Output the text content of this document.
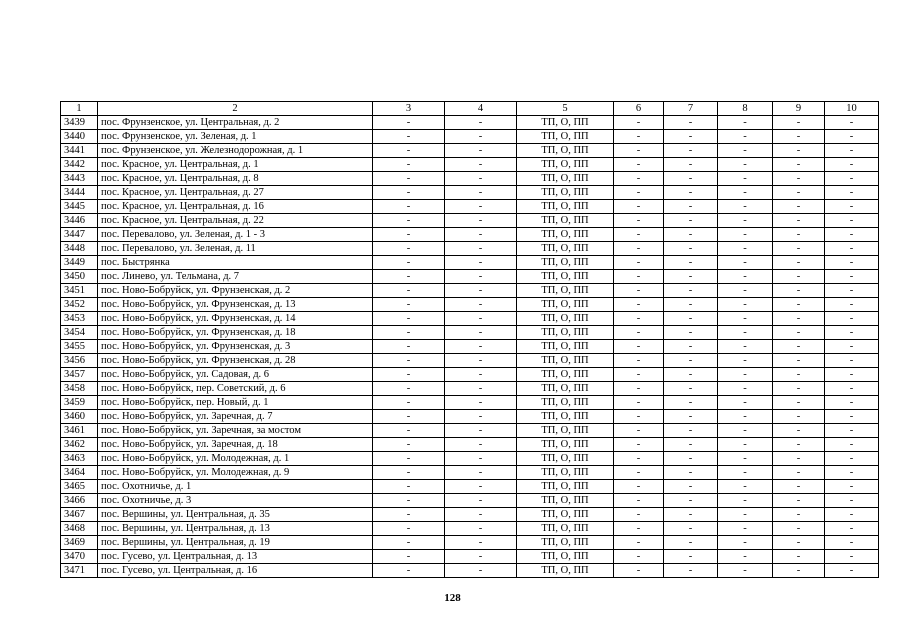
1	2	3	4	5	6	7	8	9	10
3439	пос. Фрунзенское, ул. Центральная, д. 2	-	-	ТП, О, ПП	-	-	-	-	-
3440	пос. Фрунзенское, ул. Зеленая, д. 1	-	-	ТП, О, ПП	-	-	-	-	-
3441	пос. Фрунзенское, ул. Железнодорожная, д. 1	-	-	ТП, О, ПП	-	-	-	-	-
3442	пос. Красное, ул. Центральная, д. 1	-	-	ТП, О, ПП	-	-	-	-	-
3443	пос. Красное, ул. Центральная, д. 8	-	-	ТП, О, ПП	-	-	-	-	-
3444	пос. Красное, ул. Центральная, д. 27	-	-	ТП, О, ПП	-	-	-	-	-
3445	пос. Красное, ул. Центральная, д. 16	-	-	ТП, О, ПП	-	-	-	-	-
3446	пос. Красное, ул. Центральная, д. 22	-	-	ТП, О, ПП	-	-	-	-	-
3447	пос. Перевалово, ул. Зеленая, д. 1 - 3	-	-	ТП, О, ПП	-	-	-	-	-
3448	пос. Перевалово, ул. Зеленая, д. 11	-	-	ТП, О, ПП	-	-	-	-	-
3449	пос. Быстрянка	-	-	ТП, О, ПП	-	-	-	-	-
3450	пос. Линево, ул. Тельмана, д. 7	-	-	ТП, О, ПП	-	-	-	-	-
3451	пос. Ново-Бобруйск, ул. Фрунзенская, д. 2	-	-	ТП, О, ПП	-	-	-	-	-
3452	пос. Ново-Бобруйск, ул. Фрунзенская, д. 13	-	-	ТП, О, ПП	-	-	-	-	-
3453	пос. Ново-Бобруйск, ул. Фрунзенская, д. 14	-	-	ТП, О, ПП	-	-	-	-	-
3454	пос. Ново-Бобруйск, ул. Фрунзенская, д. 18	-	-	ТП, О, ПП	-	-	-	-	-
3455	пос. Ново-Бобруйск, ул. Фрунзенская, д. 3	-	-	ТП, О, ПП	-	-	-	-	-
3456	пос. Ново-Бобруйск, ул. Фрунзенская, д. 28	-	-	ТП, О, ПП	-	-	-	-	-
3457	пос. Ново-Бобруйск, ул. Садовая, д. 6	-	-	ТП, О, ПП	-	-	-	-	-
3458	пос. Ново-Бобруйск, пер. Советский, д. 6	-	-	ТП, О, ПП	-	-	-	-	-
3459	пос. Ново-Бобруйск, пер. Новый, д. 1	-	-	ТП, О, ПП	-	-	-	-	-
3460	пос. Ново-Бобруйск, ул. Заречная, д. 7	-	-	ТП, О, ПП	-	-	-	-	-
3461	пос. Ново-Бобруйск, ул. Заречная, за мостом	-	-	ТП, О, ПП	-	-	-	-	-
3462	пос. Ново-Бобруйск, ул. Заречная, д. 18	-	-	ТП, О, ПП	-	-	-	-	-
3463	пос. Ново-Бобруйск, ул. Молодежная, д. 1	-	-	ТП, О, ПП	-	-	-	-	-
3464	пос. Ново-Бобруйск, ул. Молодежная, д. 9	-	-	ТП, О, ПП	-	-	-	-	-
3465	пос. Охотничье, д. 1	-	-	ТП, О, ПП	-	-	-	-	-
3466	пос. Охотничье, д. 3	-	-	ТП, О, ПП	-	-	-	-	-
3467	пос. Вершины, ул. Центральная, д. 35	-	-	ТП, О, ПП	-	-	-	-	-
3468	пос. Вершины, ул. Центральная, д. 13	-	-	ТП, О, ПП	-	-	-	-	-
3469	пос. Вершины, ул. Центральная, д. 19	-	-	ТП, О, ПП	-	-	-	-	-
3470	пос. Гусево, ул. Центральная, д. 13	-	-	ТП, О, ПП	-	-	-	-	-
3471	пос. Гусево, ул. Центральная, д. 16	-	-	ТП, О, ПП	-	-	-	-	-
128
